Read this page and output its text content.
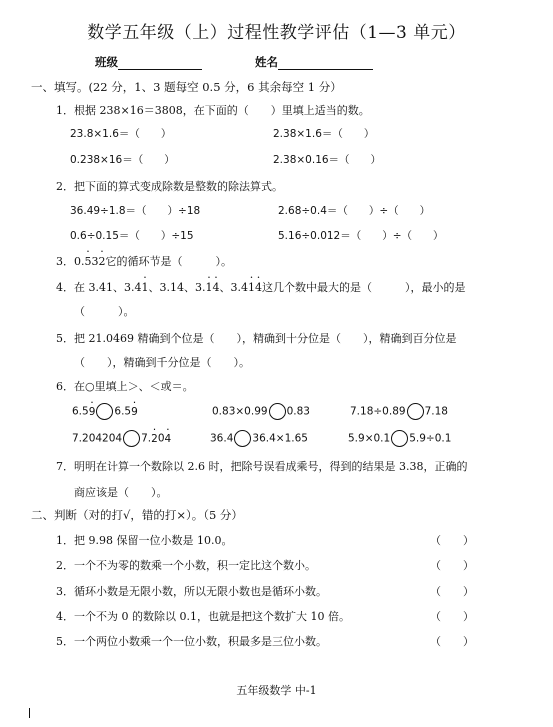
数学五年级（上）过程性教学评估（1—3 单元）
班级	姓名
一、填写。(22 分，1、3 题每空 0.5 分，6 其余每空 1 分）
1．根据 238×16＝3808，在下面的（　　）里填上适当的数。
23.8×1.6＝（　　）	2.38×1.6＝（　　）
0.238×16＝（　　）	2.38×0.16＝（　　）
2．把下面的算式变成除数是整数的除法算式。
36.49÷1.8＝（　　）÷18	2.68÷0.4＝（　　）÷（　　）
0.6÷0.15＝（　　）÷15	5.16÷0.012＝（　　）÷（　　）
3．0.· 53· 2它的循环节是（　　　）。
4．在 3.41、3.4· 1、3.14、3.· 1· 4、3.4· 1· 4这几个数中最大的是（　　　），最小的是
（　　　）。
5．把 21.0469 精确到个位是（　　），精确到十分位是（　　），精确到百分位是
（　　），精确到千分位是（　　）。
6．在○里填上＞、＜或＝。
6.5· 9 6.5· 9	0.83×0.99 0.83	7.18÷0.89 7.18
7.204204 7.· 20· 4	36.4 36.4×1.65	5.9×0.1 5.9÷0.1
7．明明在计算一个数除以 2.6 时，把除号误看成乘号，得到的结果是 3.38，正确的
商应该是（　　）。
二、判断（对的打√，错的打×）。（5 分）
1．把 9.98 保留一位小数是 10.0。	（　　）
2．一个不为零的数乘一个小数，积一定比这个数小。	（　　）
3．循环小数是无限小数，所以无限小数也是循环小数。	（　　）
4．一个不为 0 的数除以 0.1，也就是把这个数扩大 10 倍。	（　　）
5．一个两位小数乘一个一位小数，积最多是三位小数。	（　　）
五年级数学 中-1
